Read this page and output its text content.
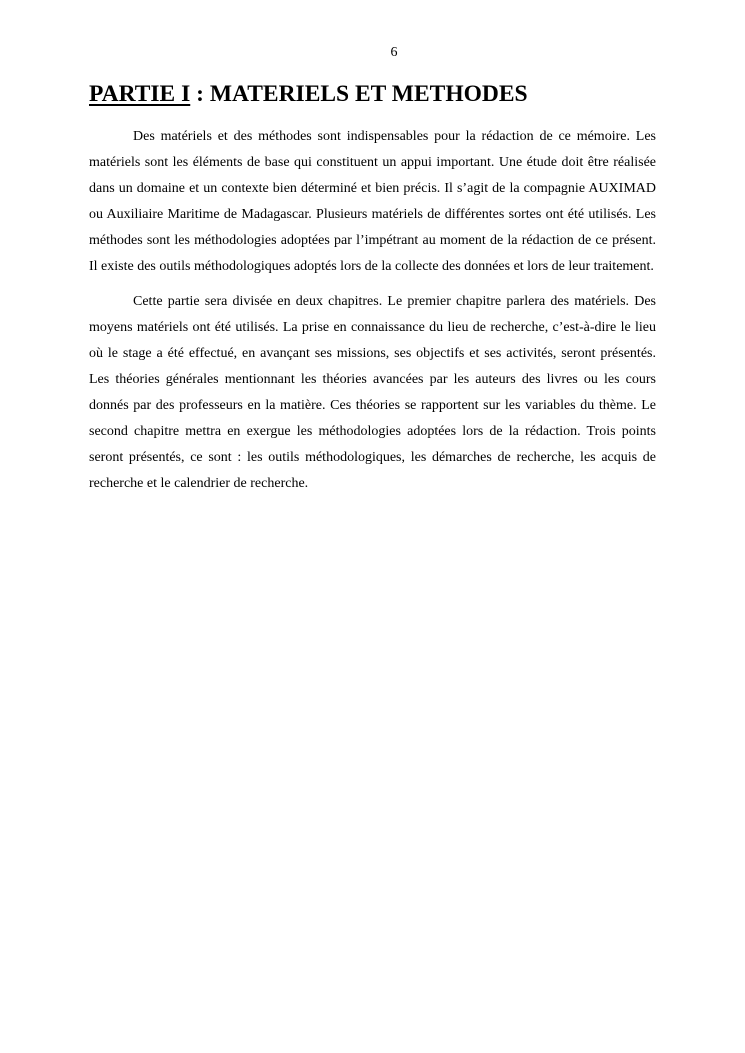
6
PARTIE I : MATERIELS ET METHODES

Des matériels et des méthodes sont indispensables pour la rédaction de ce mémoire. Les matériels sont les éléments de base qui constituent un appui important. Une étude doit être réalisée dans un domaine et un contexte bien déterminé et bien précis. Il s’agit de la compagnie AUXIMAD ou Auxiliaire Maritime de Madagascar. Plusieurs matériels de différentes sortes ont été utilisés. Les méthodes sont les méthodologies adoptées par l’impétrant au moment de la rédaction de ce présent. Il existe des outils méthodologiques adoptés lors de la collecte des données et lors de leur traitement.

Cette partie sera divisée en deux chapitres. Le premier chapitre parlera des matériels. Des moyens matériels ont été utilisés. La prise en connaissance du lieu de recherche, c’est-à-dire le lieu où le stage a été effectué, en avançant ses missions, ses objectifs et ses activités, seront présentés. Les théories générales mentionnant les théories avancées par les auteurs des livres ou les cours donnés par des professeurs en la matière. Ces théories se rapportent sur les variables du thème. Le second chapitre mettra en exergue les méthodologies adoptées lors de la rédaction. Trois points seront présentés, ce sont : les outils méthodologiques, les démarches de recherche, les acquis de recherche et le calendrier de recherche.
